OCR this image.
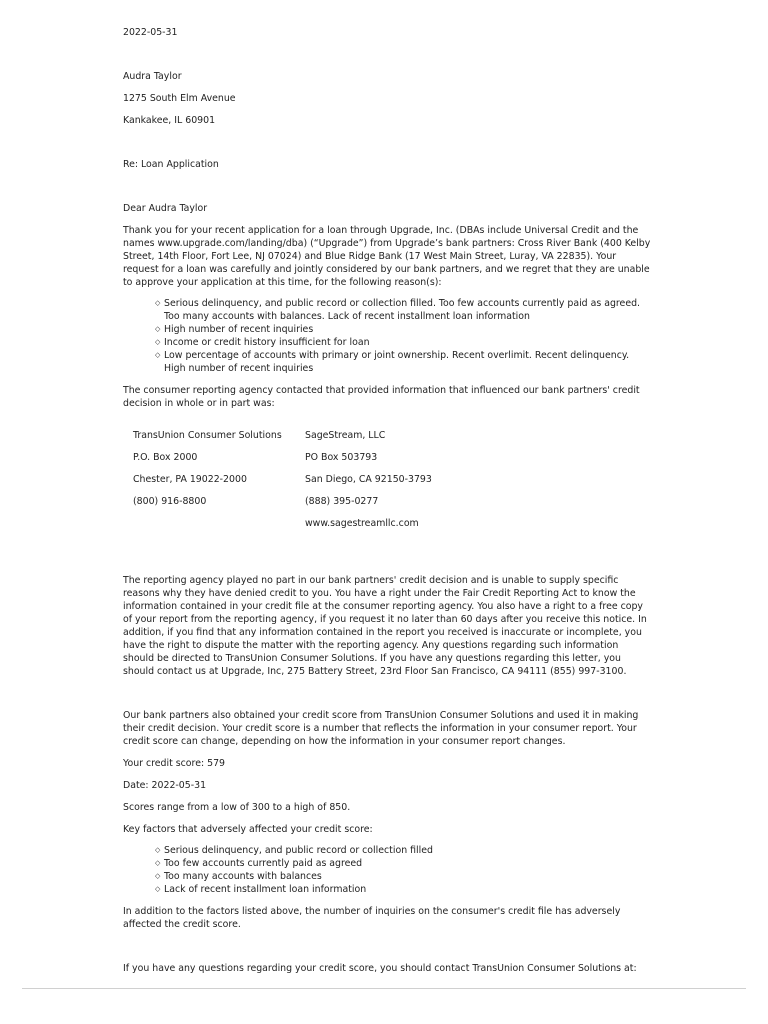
2022-05-31

Audra Taylor

1275 South Elm Avenue

Kankakee, IL 60901

Re: Loan Application

Dear Audra Taylor

Thank you for your recent application for a loan through Upgrade, Inc. (DBAs include Universal Credit and the names www.upgrade.com/landing/dba) (“Upgrade”) from Upgrade’s bank partners: Cross River Bank (400 Kelby Street, 14th Floor, Fort Lee, NJ 07024) and Blue Ridge Bank (17 West Main Street, Luray, VA 22835). Your request for a loan was carefully and jointly considered by our bank partners, and we regret that they are unable to approve your application at this time, for the following reason(s):

◇ Serious delinquency, and public record or collection filled. Too few accounts currently paid as agreed. Too many accounts with balances. Lack of recent installment loan information
◇ High number of recent inquiries
◇ Income or credit history insufficient for loan
◇ Low percentage of accounts with primary or joint ownership. Recent overlimit. Recent delinquency. High number of recent inquiries

The consumer reporting agency contacted that provided information that influenced our bank partners' credit decision in whole or in part was:

TransUnion Consumer Solutions

P.O. Box 2000

Chester, PA 19022-2000

(800) 916-8800

SageStream, LLC

PO Box 503793

San Diego, CA 92150-3793

(888) 395-0277

www.sagestreamllc.com

The reporting agency played no part in our bank partners' credit decision and is unable to supply specific reasons why they have denied credit to you. You have a right under the Fair Credit Reporting Act to know the information contained in your credit file at the consumer reporting agency. You also have a right to a free copy of your report from the reporting agency, if you request it no later than 60 days after you receive this notice. In addition, if you find that any information contained in the report you received is inaccurate or incomplete, you have the right to dispute the matter with the reporting agency. Any questions regarding such information should be directed to TransUnion Consumer Solutions. If you have any questions regarding this letter, you should contact us at Upgrade, Inc, 275 Battery Street, 23rd Floor San Francisco, CA 94111 (855) 997-3100.

Our bank partners also obtained your credit score from TransUnion Consumer Solutions and used it in making their credit decision. Your credit score is a number that reflects the information in your consumer report. Your credit score can change, depending on how the information in your consumer report changes.

Your credit score: 579

Date: 2022-05-31

Scores range from a low of 300 to a high of 850.

Key factors that adversely affected your credit score:

◇ Serious delinquency, and public record or collection filled
◇ Too few accounts currently paid as agreed
◇ Too many accounts with balances
◇ Lack of recent installment loan information

In addition to the factors listed above, the number of inquiries on the consumer's credit file has adversely affected the credit score.

If you have any questions regarding your credit score, you should contact TransUnion Consumer Solutions at:
